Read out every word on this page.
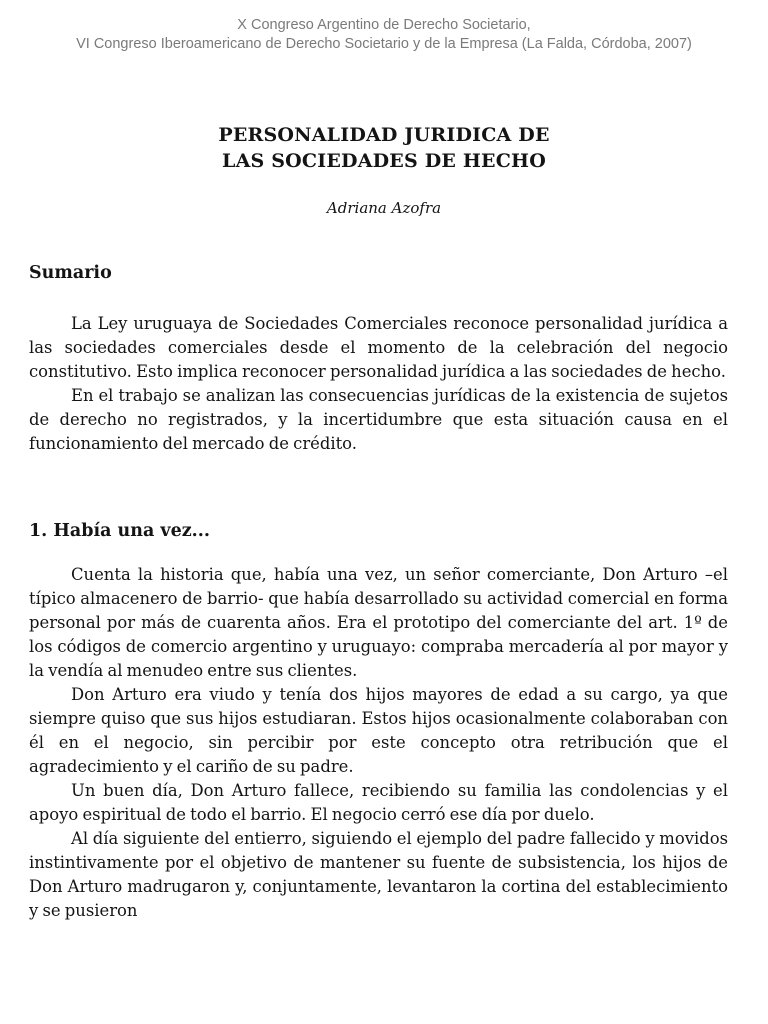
X Congreso Argentino de Derecho Societario,
VI Congreso Iberoamericano de Derecho Societario y de la Empresa (La Falda, Córdoba, 2007)
PERSONALIDAD JURIDICA DE
LAS SOCIEDADES DE HECHO
Adriana Azofra
Sumario

La Ley uruguaya de Sociedades Comerciales reconoce personalidad jurídica a las sociedades comerciales desde el momento de la celebración del negocio constitutivo. Esto implica reconocer personalidad jurídica a las sociedades de hecho.

En el trabajo se analizan las consecuencias jurídicas de la existencia de sujetos de derecho no registrados, y la incertidumbre que esta situación causa en el funcionamiento del mercado de crédito.

1. Había una vez...

Cuenta la historia que, había una vez, un señor comerciante, Don Arturo –el típico almacenero de barrio- que había desarrollado su actividad comercial en forma personal por más de cuarenta años. Era el prototipo del comerciante del art. 1º de los códigos de comercio argentino y uruguayo: compraba mercadería al por mayor y la vendía al menudeo entre sus clientes.

Don Arturo era viudo y tenía dos hijos mayores de edad a su cargo, ya que siempre quiso que sus hijos estudiaran. Estos hijos ocasionalmente colaboraban con él en el negocio, sin percibir por este concepto otra retribución que el agradecimiento y el cariño de su padre.

Un buen día, Don Arturo fallece, recibiendo su familia las condolencias y el apoyo espiritual de todo el barrio. El negocio cerró ese día por duelo.

Al día siguiente del entierro, siguiendo el ejemplo del padre fallecido y movidos instintivamente por el objetivo de mantener su fuente de subsistencia, los hijos de Don Arturo madrugaron y, conjuntamente, levantaron la cortina del establecimiento y se pusieron
